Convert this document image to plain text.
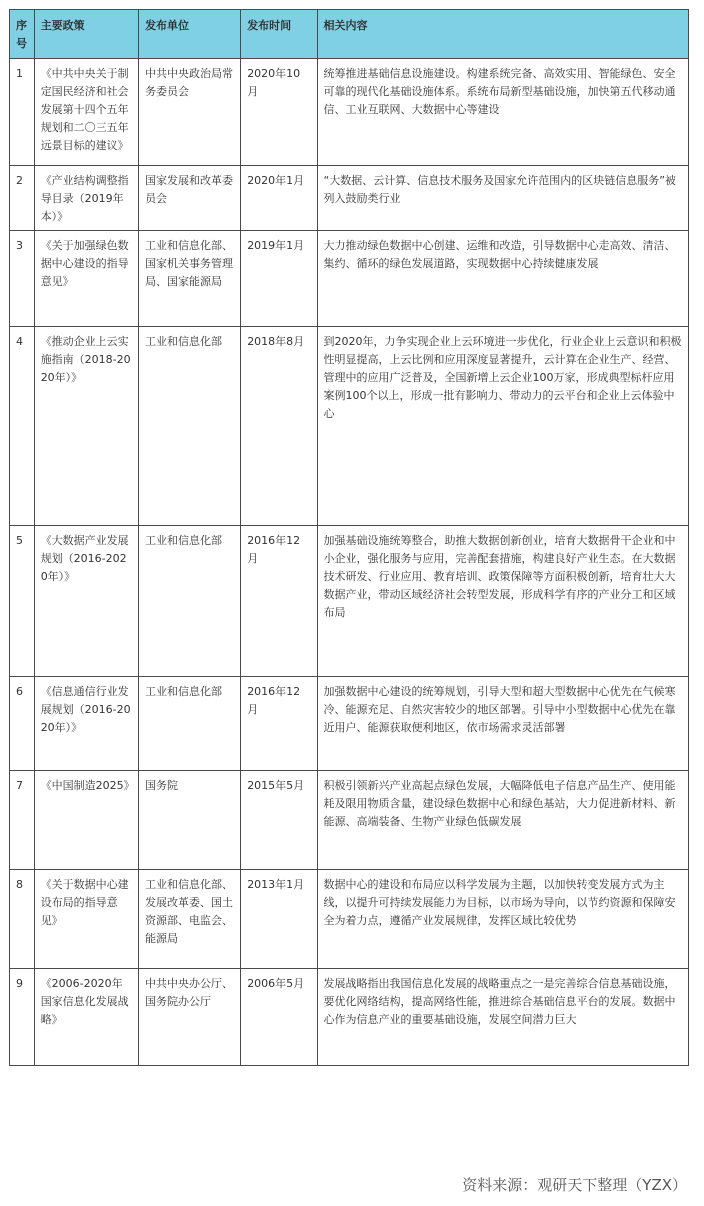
序号	主要政策	发布单位	发布时间	相关内容
1	《中共中央关于制定国民经济和社会发展第十四个五年规划和二〇三五年远景目标的建议》	中共中央政治局常务委员会	2020年10月	统筹推进基础信息设施建设。构建系统完备、高效实用、智能绿色、安全可靠的现代化基础设施体系。系统布局新型基础设施，加快第五代移动通信、工业互联网、大数据中心等建设
2	《产业结构调整指导目录（2019年本）》	国家发展和改革委员会	2020年1月	“大数据、云计算、信息技术服务及国家允许范围内的区块链信息服务”被列入鼓励类行业
3	《关于加强绿色数据中心建设的指导意见》	工业和信息化部、国家机关事务管理局、国家能源局	2019年1月	大力推动绿色数据中心创建、运维和改造，引导数据中心走高效、清洁、集约、循环的绿色发展道路，实现数据中心持续健康发展
4	《推动企业上云实施指南（2018-2020年）》	工业和信息化部	2018年8月	到2020年，力争实现企业上云环境进一步优化，行业企业上云意识和积极性明显提高，上云比例和应用深度显著提升，云计算在企业生产、经营、管理中的应用广泛普及，全国新增上云企业100万家，形成典型标杆应用案例100个以上，形成一批有影响力、带动力的云平台和企业上云体验中心
5	《大数据产业发展规划（2016-2020年）》	工业和信息化部	2016年12月	加强基础设施统筹整合，助推大数据创新创业，培育大数据骨干企业和中小企业，强化服务与应用，完善配套措施，构建良好产业生态。在大数据技术研发、行业应用、教育培训、政策保障等方面积极创新，培育壮大大数据产业，带动区域经济社会转型发展，形成科学有序的产业分工和区域布局
6	《信息通信行业发展规划（2016-2020年）》	工业和信息化部	2016年12月	加强数据中心建设的统筹规划，引导大型和超大型数据中心优先在气候寒冷、能源充足、自然灾害较少的地区部署。引导中小型数据中心优先在靠近用户、能源获取便利地区，依市场需求灵活部署
7	《中国制造2025》	国务院	2015年5月	积极引领新兴产业高起点绿色发展，大幅降低电子信息产品生产、使用能耗及限用物质含量，建设绿色数据中心和绿色基站，大力促进新材料、新能源、高端装备、生物产业绿色低碳发展
8	《关于数据中心建设布局的指导意见》	工业和信息化部、发展改革委、国土资源部、电监会、能源局	2013年1月	数据中心的建设和布局应以科学发展为主题，以加快转变发展方式为主线，以提升可持续发展能力为目标，以市场为导向，以节约资源和保障安全为着力点，遵循产业发展规律，发挥区域比较优势
9	《2006-2020年国家信息化发展战略》	中共中央办公厅、国务院办公厅	2006年5月	发展战略指出我国信息化发展的战略重点之一是完善综合信息基础设施，要优化网络结构，提高网络性能，推进综合基础信息平台的发展。数据中心作为信息产业的重要基础设施，发展空间潜力巨大
资料来源：观研天下整理（YZX）
